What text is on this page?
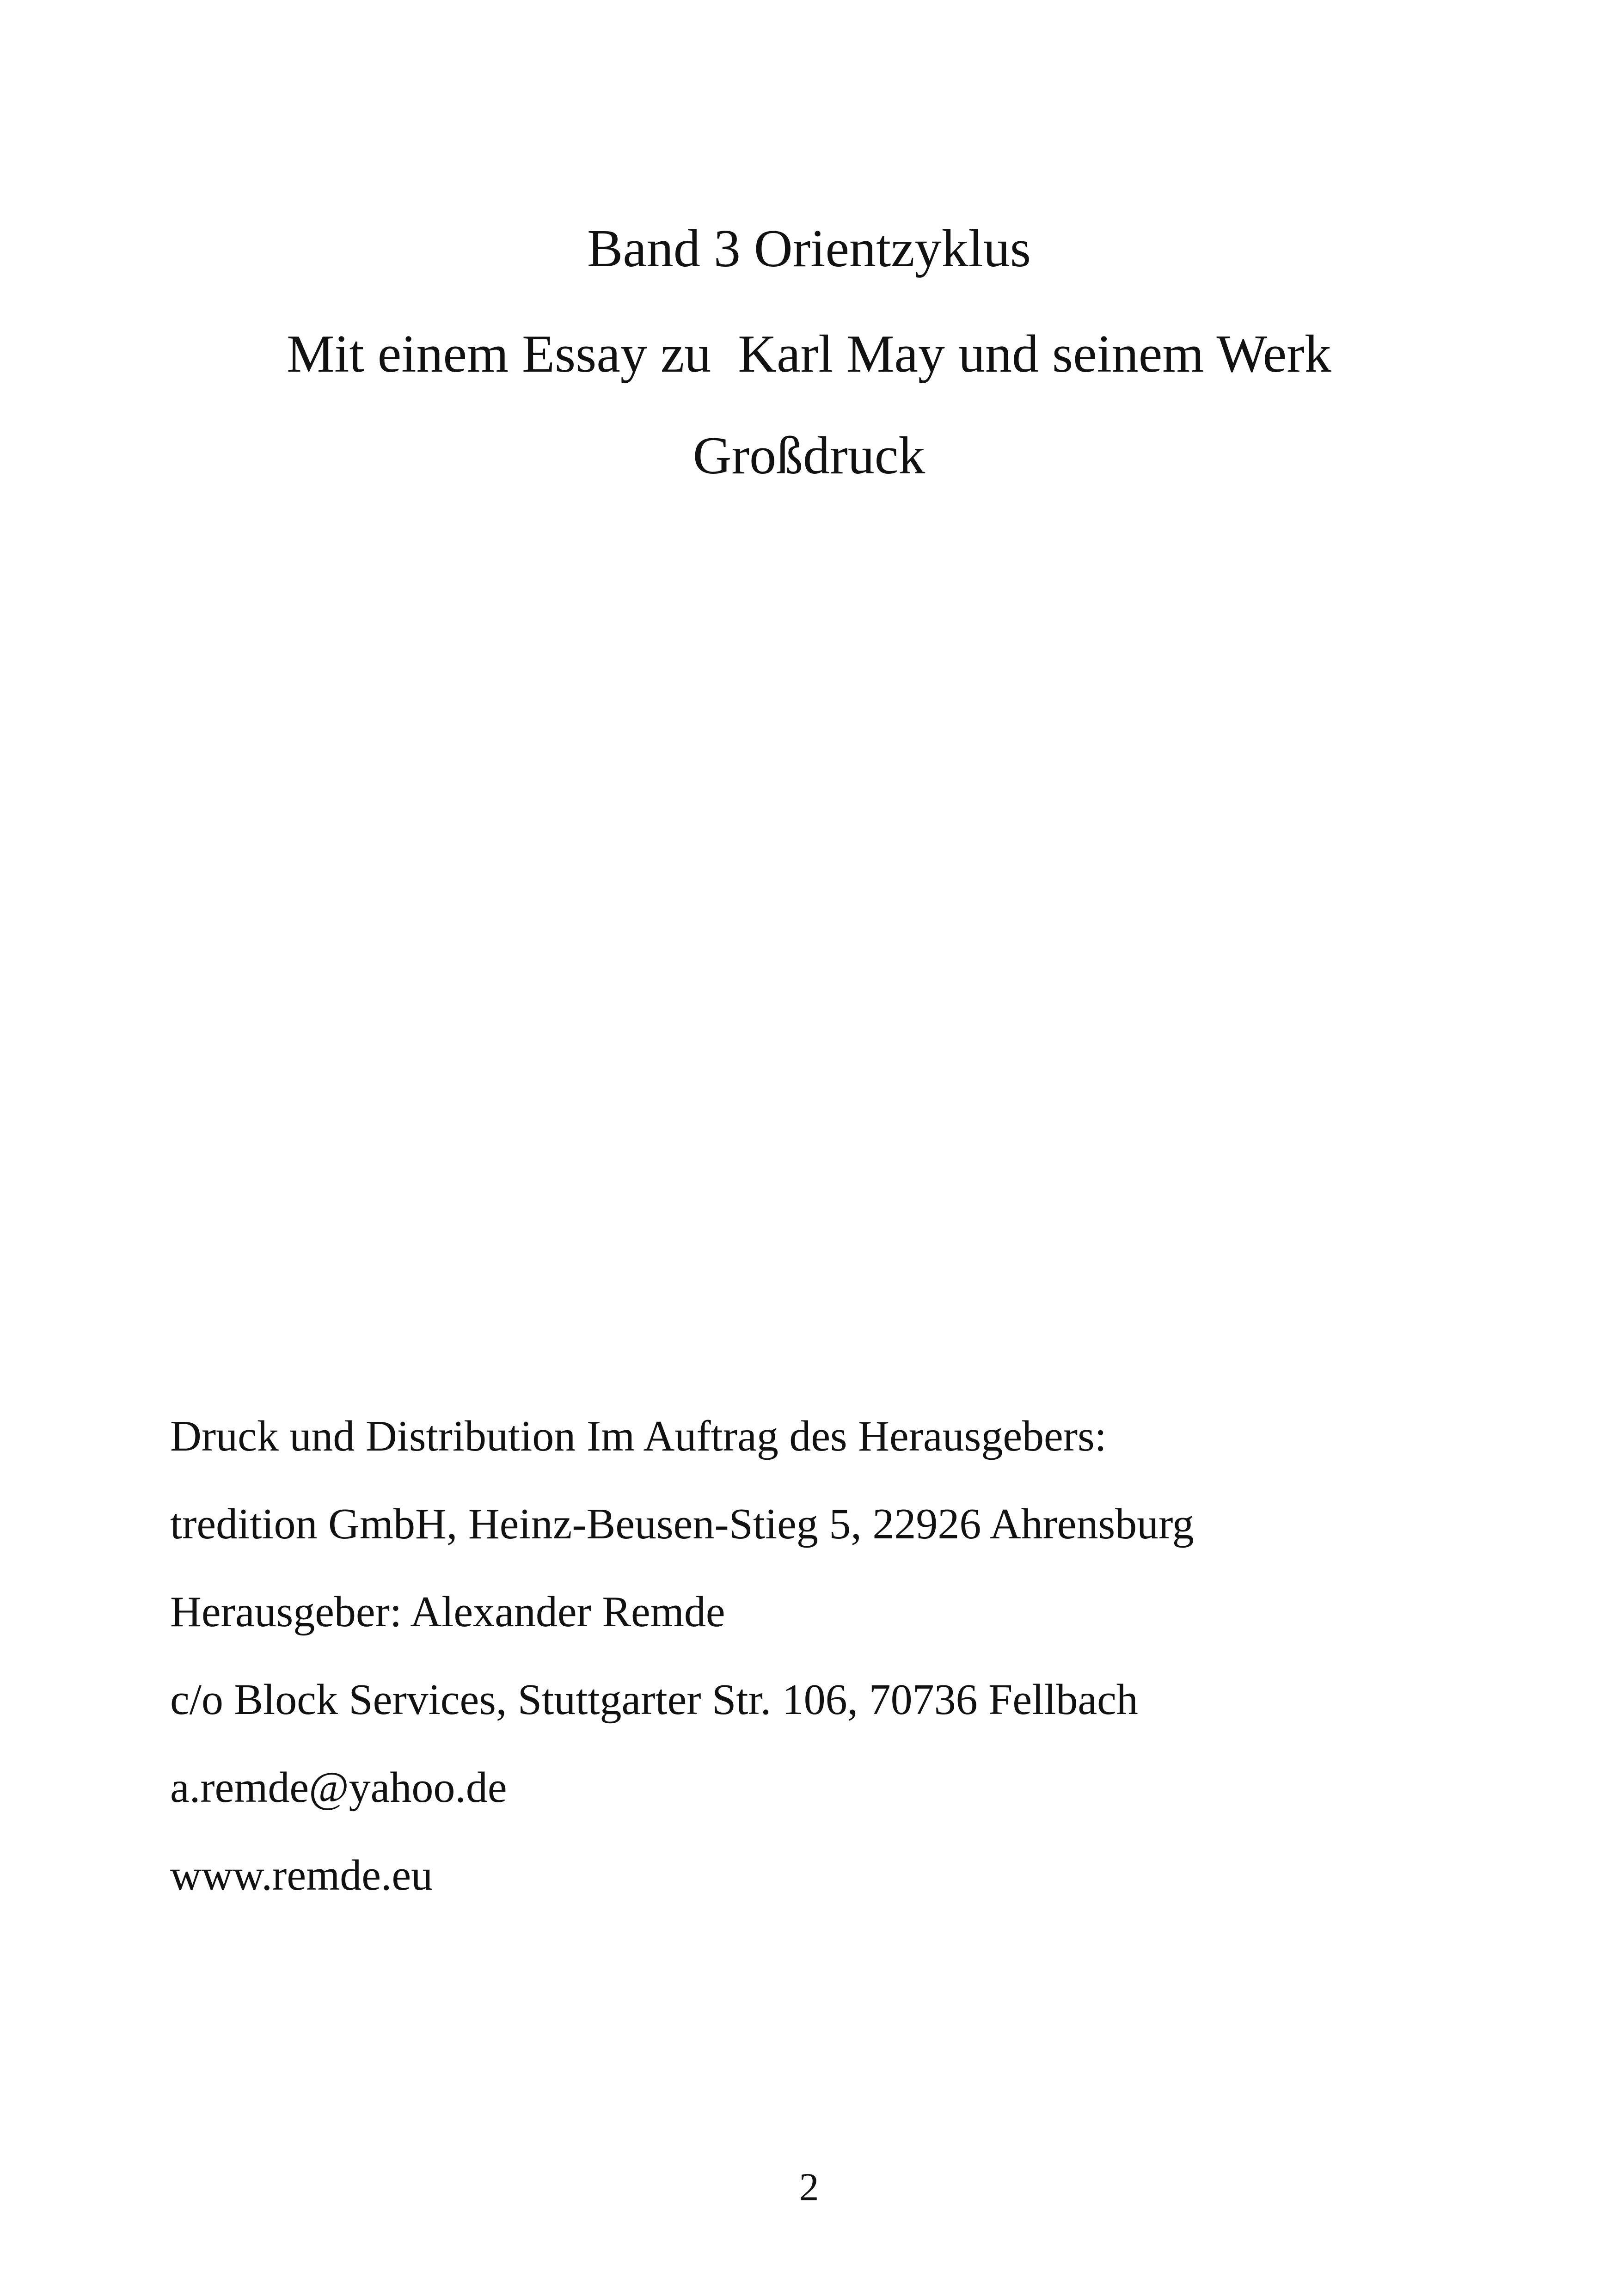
Band 3 Orientzyklus
Mit einem Essay zu  Karl May und seinem Werk
Großdruck
Druck und Distribution Im Auftrag des Herausgebers:
tredition GmbH, Heinz-Beusen-Stieg 5, 22926 Ahrensburg
Herausgeber: Alexander Remde
c/o Block Services, Stuttgarter Str. 106, 70736 Fellbach
a.remde@yahoo.de
www.remde.eu
2
